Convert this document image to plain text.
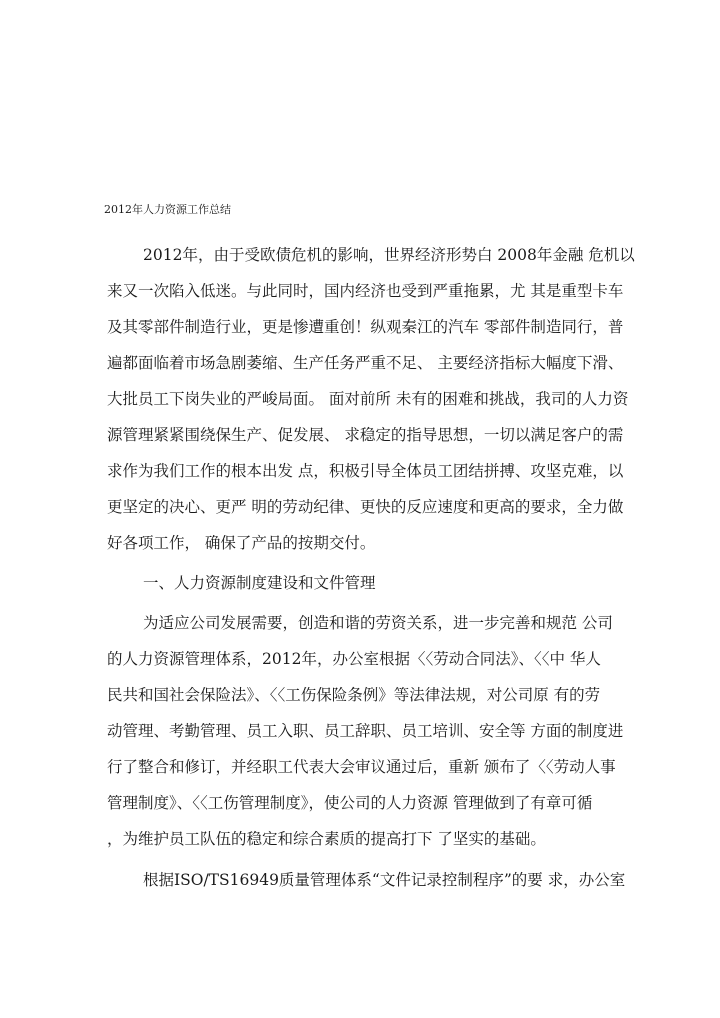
2012年人力资源工作总结
2012年，由于受欧债危机的影响，世界经济形势白 2008年金融 危机以
来又一次陷入低迷。与此同时，国内经济也受到严重拖累，尤 其是重型卡车
及其零部件制造行业，更是惨遭重创！纵观秦江的汽车 零部件制造同行，普
遍都面临着市场急剧萎缩、生产任务严重不足、 主要经济指标大幅度下滑、
大批员工下岗失业的严峻局面。 面对前所 未有的困难和挑战，我司的人力资
源管理紧紧围绕保生产、促发展、 求稳定的指导思想，一切以满足客户的需
求作为我们工作的根本出发 点，积极引导全体员工团结拼搏、攻坚克难，以
更坚定的决心、更严 明的劳动纪律、更快的反应速度和更高的要求，全力做
好各项工作， 确保了产品的按期交付。
一、人力资源制度建设和文件管理
为适应公司发展需要，创造和谐的劳资关系，进一步完善和规范 公司
的人力资源管理体系，2012年，办公室根据〈〈劳动合同法》、〈〈中 华人
民共和国社会保险法》、〈〈工伤保险条例》等法律法规，对公司原 有的劳
动管理、考勤管理、员工入职、员工辞职、员工培训、安全等 方面的制度进
行了整合和修订，并经职工代表大会审议通过后，重新 颁布了〈〈劳动人事
管理制度》、〈〈工伤管理制度》，使公司的人力资源 管理做到了有章可循
，为维护员工队伍的稳定和综合素质的提高打下 了坚实的基础。
根据ISO/TS16949质量管理体系“文件记录控制程序”的要 求，办公室
